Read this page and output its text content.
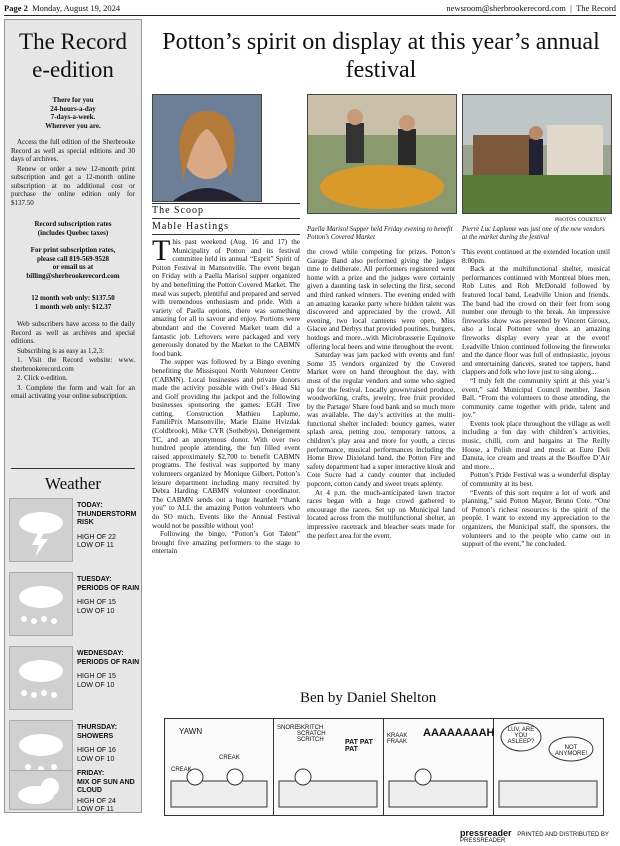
Page 2 Monday, August 19, 2024	newsroom@sherbrookerecord.com  |  The Record
The Record
e-edition
There for you
24-hours-a-day
7-days-a-week.
Wherever you are.

Access the full edition of the Sherbrooke Record as well as special editions and 30 days of archives.

Renew or order a new 12-month print subscription and get a 12-month online subscription at no additional cost or purchase the online edition only for $137.50

Record subscription rates
(includes Quebec taxes)
For print subscription rates,
please call 819-569-9528
or email us at
billing@sherbrookerecord.com
12 month web only: $137.50
1 month web only: $12.37

Web subscribers have access to the daily Record as well as archives and special editions.

Subscribing is as easy as 1,2,3:

1. Visit the Record website: www. sherbrookerecord.com

2. Click e-edition.

3. Complete the form and wait for an email activating your online subscription.

Weather
TODAY:
THUNDERSTORM RISK
HIGH OF 22
LOW OF 11
TUESDAY:
PERIODS OF RAIN
HIGH OF 15
LOW OF 10
WEDNESDAY:
PERIODS OF RAIN
HIGH OF 15
LOW OF 10
THURSDAY:
SHOWERS
HIGH OF 16
LOW OF 10
FRIDAY:
MIX OF SUN AND CLOUD
HIGH OF 24
LOW OF 11
Potton’s spirit on display at this year’s annual festival
PHOTOS COURTESY
Paella Marisol Supper held Friday evening to benefit Potton’s Covered Market
Pierre Luc Laplume was just one of the new vendors at the market during the festival
The Scoop
Mable Hastings

This past weekend (Aug. 16 and 17) the Municipality of Potton and its festival committee held its annual “Esprit” Spirit of Potton Festival in Mansonville. The event began on Friday with a Paella Marisol supper organized by and benefitting the Potton Covered Market. The meal was superb, plentiful and prepared and served with tremendous enthusiasm and pride. With a variety of Paella options, there was something amazing for all to savour and enjoy. Portions were abundant and the Covered Market team did a fantastic job. Leftovers were packaged and very generously donated by the Market to the CABMN food bank.

The supper was followed by a Bingo evening benefiting the Missisquoi North Volunteer Centre (CABMN). Local businesses and private donors made the activity possible with Owl’s Head Ski and Golf providing the jackpot and the following businesses sponsoring the games: EGH Tree cutting, Construction Mathieu Laplume, FamiliPrix Mansonville, Marie Elaine Hvizdak (Coldbrook), Mike CYR (Sothebys), Deneigement TC, and an anonymous donor. With over two hundred people attending, the fun filled event raised approximately $2,700 to benefit CABMN programs. The festival was supported by many volunteers organized by Monique Gilbert, Potton’s leisure department including many recruited by Debra Harding CABMN volunteer coordinator. The CABMN sends out a huge heartfelt “thank you” to ALL the amazing Potton volunteers who do SO much. Events like the Annual Festival would not be possible without you!

Following the bingo, “Potton’s Got Talent” brought five amazing performers to the stage to entertain

the crowd while competing for prizes. Potton’s Garage Band also performed giving the judges time to deliberate. All performers registered went home with a prize and the judges were certainly given a daunting task in selecting the first, second and third ranked winners. The evening ended with an amazing karaoke party where hidden talent was discovered and appreciated by the crowd. All evening, two local canteens were open, Miss Glacee and Derbys that provided poutines, burgers, hotdogs and more...with Microbrasserie Equinoxe offering local beers and wine throughout the event.

Saturday was jam packed with events and fun! Some 35 vendors organized by the Covered Market were on hand throughout the day, with most of the regular vendors and some who signed up for the festival. Locally grown/raised produce, woodworking, crafts, jewelry, free fruit provided by the Partage/ Share food bank and so much more was available. The day’s activities at the multi-functional shelter included: bouncy games, water splash area, petting zoo, temporary tattoos, a children’s play area and more for youth, a circus performance, musical performances including the Home Brew Dixieland band, the Potton Fire and safety department had a super interactive kiosk and Cote Sucre had a candy counter that included popcorn, cotton candy and sweet treats aplenty.

At 4 p.m. the much-anticipated lawn tractor races began with a huge crowd gathered to encourage the racers. Set up on Municipal land located across from the multifunctional shelter, an impressive racetrack and bleacher seats made for the perfect area for the event.

This event continued at the extended location until 8:00pm.

Back at the multifunctional shelter, musical performances continued with Montreal blues men, Rob Lutes and Rob McDonald followed by featured local band, Leadville Union and friends. The band had the crowd on their feet from song number one through to the break. An impressive fireworks show was presented by Vincent Giroux, also a local Pottoner who does an amazing fireworks display every year at the event! Leadville Union continued following the fireworks and the dance floor was full of enthusiastic, joyous and entertaining dancers, seated toe tappers, hand clappers and folk who love just to sing along...

“I truly felt the community spirit at this year’s event,” said Municipal Council member, Jason Ball. “From the volunteers to those attending, the community came together with pride, talent and joy.”

Events took place throughout the village as well including a fun day with children’s activities, music, chilli, corn and bargains at The Reilly House, a Polish meal and music at Euro Deli Danuta, ice cream and treats at the Bouffee D’Air and more...

Potton’s Pride Festival was a wonderful display of community at its best.

“Events of this sort require a lot of work and planning,” said Potton Mayor, Bruno Cote. “One of Potton’s richest resources is the spirit of the people. I want to extend my appreciation to the organizers, the Municipal staff, the sponsors, the volunteers and to the people who came out in support of the event,” he concluded.

Ben by Daniel Shelton
YAWN
CREAK
CREAK
SNORE
SKRITCH SCRATCH SCRITCH	PAT PAT PAT
KRAAK FRAAK
AAAAAAAAH	LUV, ARE YOU ASLEEP?
NOT ANYMORE!
pressreader PRINTED AND DISTRIBUTED BY PRESSREADER
